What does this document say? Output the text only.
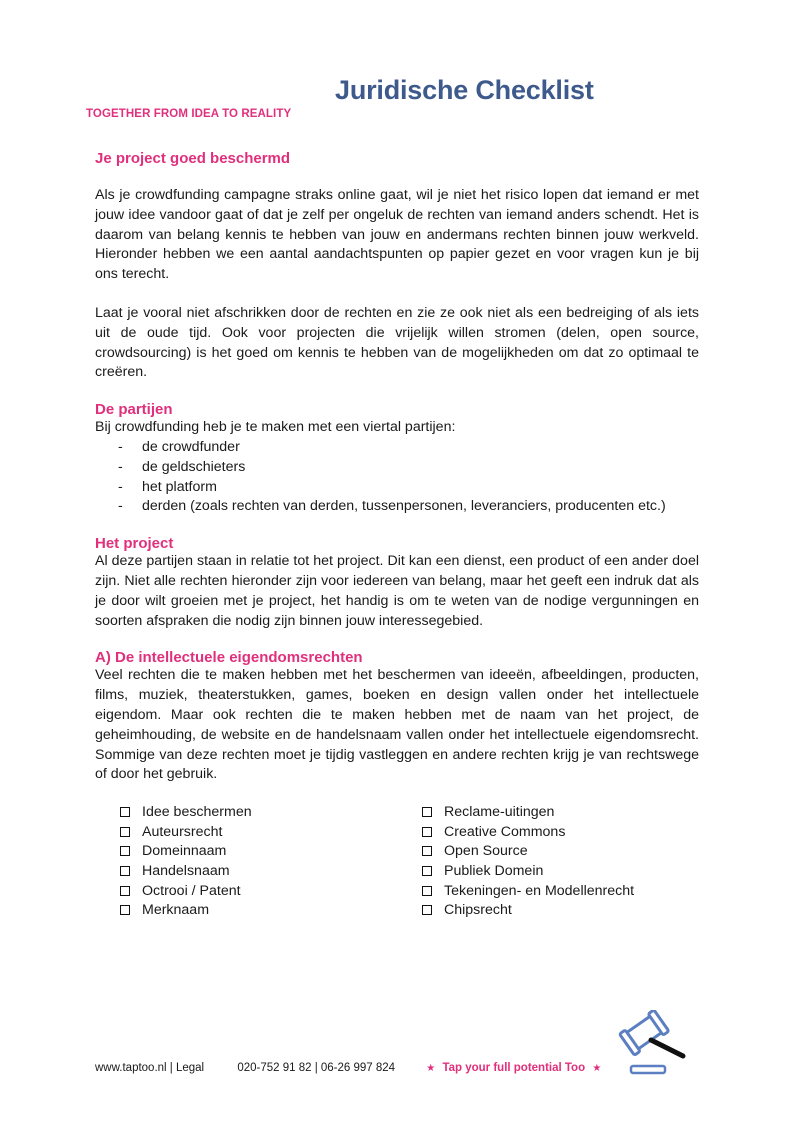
TAPTOO
TOGETHER FROM IDEA TO REALITY
Juridische Checklist
Je project goed beschermd

Als je crowdfunding campagne straks online gaat, wil je niet het risico lopen dat iemand er met jouw idee vandoor gaat of dat je zelf per ongeluk de rechten van iemand anders schendt. Het is daarom van belang kennis te hebben van jouw en andermans rechten binnen jouw werkveld. Hieronder hebben we een aantal aandachtspunten op papier gezet en voor vragen kun je bij ons terecht.

Laat je vooral niet afschrikken door de rechten en zie ze ook niet als een bedreiging of als iets uit de oude tijd. Ook voor projecten die vrijelijk willen stromen (delen, open source, crowdsourcing) is het goed om kennis te hebben van de mogelijkheden om dat zo optimaal te creëren.

De partijen

Bij crowdfunding heb je te maken met een viertal partijen:

- de crowdfunder
- de geldschieters
- het platform
- derden (zoals rechten van derden, tussenpersonen, leveranciers, producenten etc.)
Het project

Al deze partijen staan in relatie tot het project. Dit kan een dienst, een product of een ander doel zijn. Niet alle rechten hieronder zijn voor iedereen van belang, maar het geeft een indruk dat als je door wilt groeien met je project, het handig is om te weten van de nodige vergunningen en soorten afspraken die nodig zijn binnen jouw interessegebied.

A) De intellectuele eigendomsrechten

Veel rechten die te maken hebben met het beschermen van ideeën, afbeeldingen, producten, films, muziek, theaterstukken, games, boeken en design vallen onder het intellectuele eigendom. Maar ook rechten die te maken hebben met de naam van het project, de geheimhouding, de website en de handelsnaam vallen onder het intellectuele eigendomsrecht. Sommige van deze rechten moet je tijdig vastleggen en andere rechten krijg je van rechtswege of door het gebruik.

Idee beschermen
Auteursrecht
Domeinnaam
Handelsnaam
Octrooi / Patent
Merknaam
Reclame-uitingen
Creative Commons
Open Source
Publiek Domein
Tekeningen- en Modellenrecht
Chipsrecht
www.taptoo.nl | Legal	020-752 91 82 | 06-26 997 824	★ Tap your full potential Too ★
